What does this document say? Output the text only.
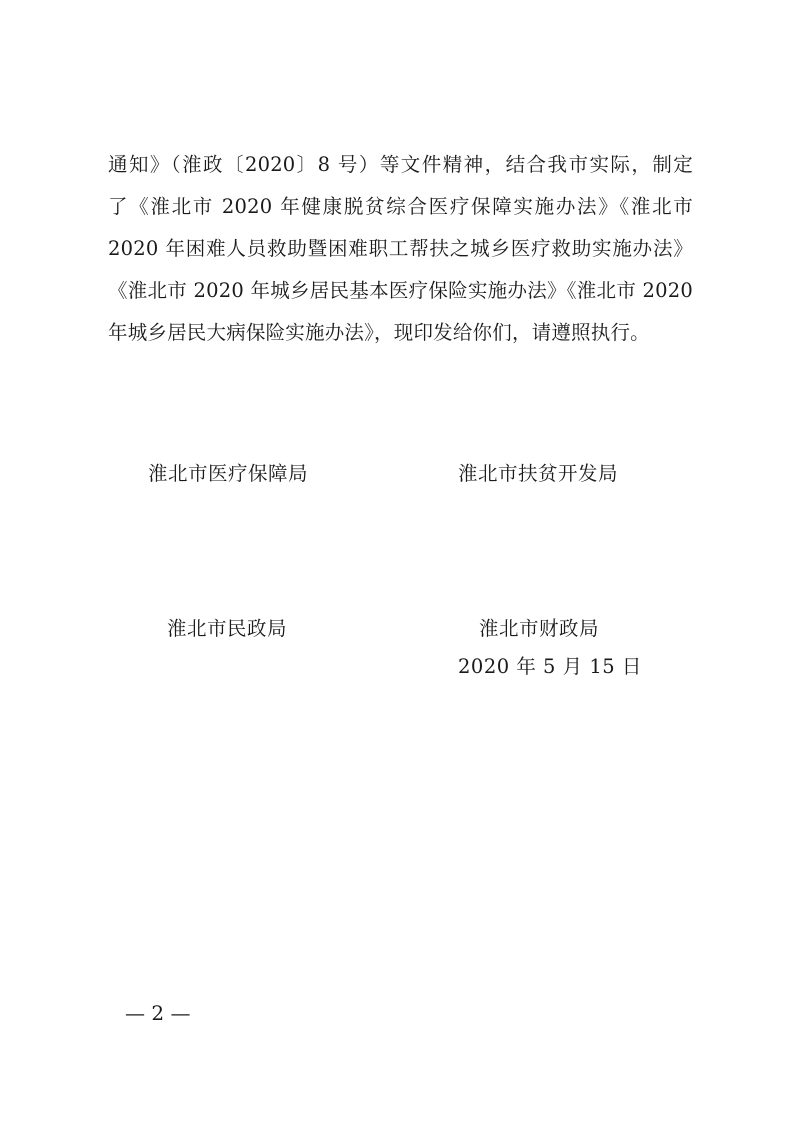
通知》（淮政〔2020〕8 号）等文件精神，结合我市实际，制定
了《淮北市 2020 年健康脱贫综合医疗保障实施办法》《淮北市
2020 年困难人员救助暨困难职工帮扶之城乡医疗救助实施办法》
《淮北市 2020 年城乡居民基本医疗保险实施办法》《淮北市 2020
年城乡居民大病保险实施办法》，现印发给你们，请遵照执行。

淮北市医疗保障局	淮北市扶贫开发局
淮北市民政局	淮北市财政局
2020 年 5 月 15 日
— 2 —
